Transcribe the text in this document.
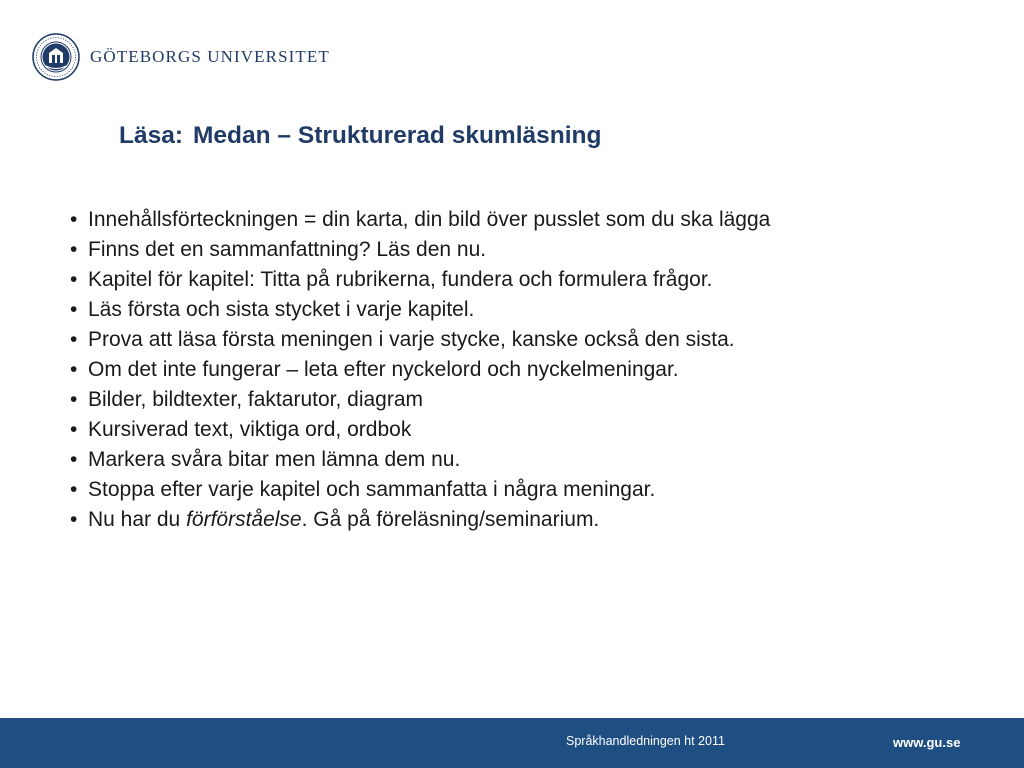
GÖTEBORGS UNIVERSITET
Läsa: Medan – Strukturerad skumläsning
• Innehållsförteckningen = din karta, din bild över pusslet som du ska lägga
• Finns det en sammanfattning? Läs den nu.
• Kapitel för kapitel: Titta på rubrikerna, fundera och formulera frågor.
• Läs första och sista stycket i varje kapitel.
• Prova att läsa första meningen i varje stycke, kanske också den sista.
• Om det inte fungerar – leta efter nyckelord och nyckelmeningar.
• Bilder, bildtexter, faktarutor, diagram
• Kursiverad text, viktiga ord, ordbok
• Markera svåra bitar men lämna dem nu.
• Stoppa efter varje kapitel och sammanfatta i några meningar.
• Nu har du förförståelse. Gå på föreläsning/seminarium.
Språkhandledningen ht 2011	www.gu.se
